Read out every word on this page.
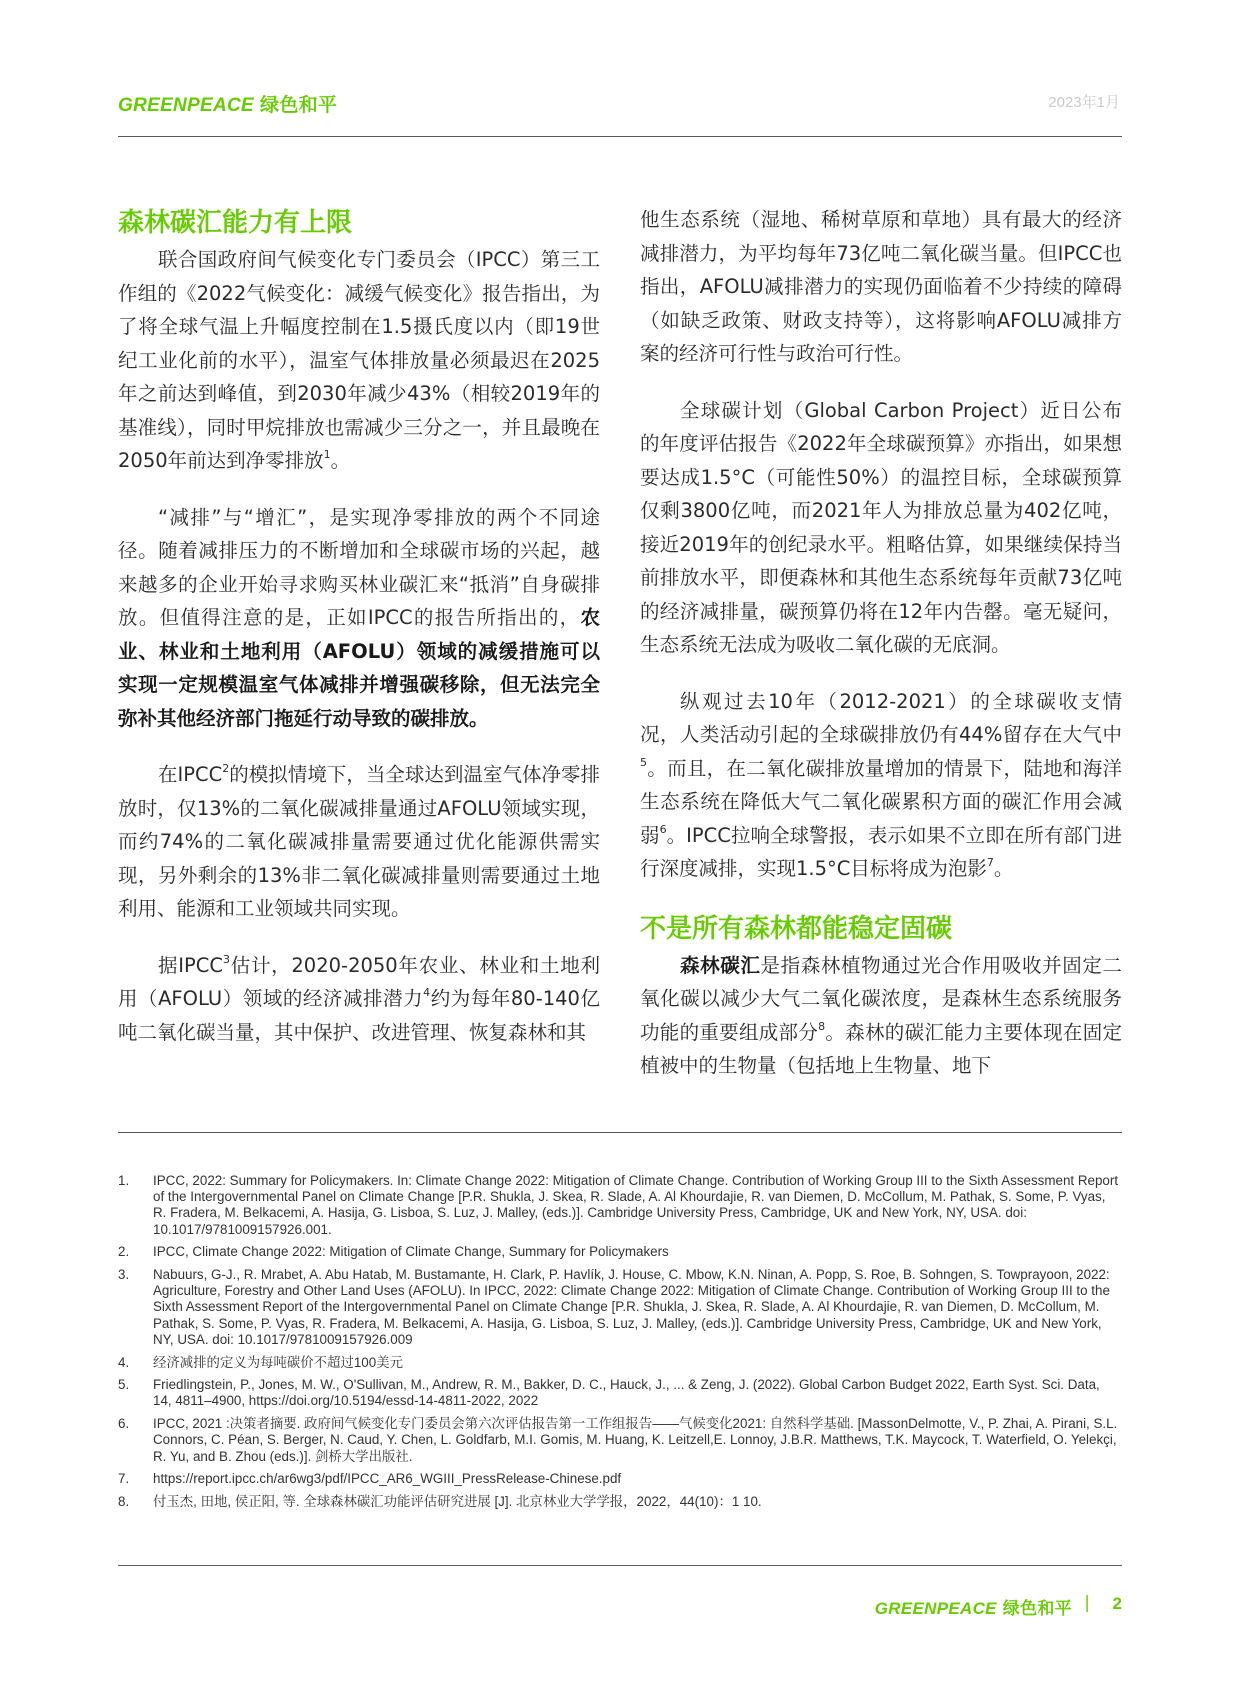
GREENPEACE 绿色和平	2023年1月
森林碳汇能力有上限

联合国政府间气候变化专门委员会（IPCC）第三工作组的《2022气候变化：减缓气候变化》报告指出，为了将全球气温上升幅度控制在1.5摄氏度以内（即19世纪工业化前的水平），温室气体排放量必须最迟在2025年之前达到峰值，到2030年减少43%（相较2019年的基准线），同时甲烷排放也需减少三分之一，并且最晚在2050年前达到净零排放$^1$。

“减排”与“增汇”，是实现净零排放的两个不同途径。随着减排压力的不断增加和全球碳市场的兴起，越来越多的企业开始寻求购买林业碳汇来“抵消”自身碳排放。但值得注意的是，正如IPCC的报告所指出的，农业、林业和土地利用（AFOLU）领域的减缓措施可以实现一定规模温室气体减排并增强碳移除，但无法完全弥补其他经济部门拖延行动导致的碳排放。

在IPCC$^2$的模拟情境下，当全球达到温室气体净零排放时，仅13%的二氧化碳减排量通过AFOLU领域实现，而约74%的二氧化碳减排量需要通过优化能源供需实现，另外剩余的13%非二氧化碳减排量则需要通过土地利用、能源和工业领域共同实现。

据IPCC$^3$估计，2020-2050年农业、林业和土地利用（AFOLU）领域的经济减排潜力$^4$约为每年80-140亿吨二氧化碳当量，其中保护、改进管理、恢复森林和其

他生态系统（湿地、稀树草原和草地）具有最大的经济减排潜力，为平均每年73亿吨二氧化碳当量。但IPCC也指出，AFOLU减排潜力的实现仍面临着不少持续的障碍（如缺乏政策、财政支持等），这将影响AFOLU减排方案的经济可行性与政治可行性。

全球碳计划（Global Carbon Project）近日公布的年度评估报告《2022年全球碳预算》亦指出，如果想要达成1.5°C（可能性50%）的温控目标，全球碳预算仅剩3800亿吨，而2021年人为排放总量为402亿吨，接近2019年的创纪录水平。粗略估算，如果继续保持当前排放水平，即便森林和其他生态系统每年贡献73亿吨的经济减排量，碳预算仍将在12年内告罄。毫无疑问，生态系统无法成为吸收二氧化碳的无底洞。

纵观过去10年（2012-2021）的全球碳收支情况，人类活动引起的全球碳排放仍有44%留存在大气中$^5$。而且，在二氧化碳排放量增加的情景下，陆地和海洋生态系统在降低大气二氧化碳累积方面的碳汇作用会减弱$^6$。IPCC拉响全球警报，表示如果不立即在所有部门进行深度减排，实现1.5°C目标将成为泡影$^7$。

不是所有森林都能稳定固碳

森林碳汇是指森林植物通过光合作用吸收并固定二氧化碳以减少大气二氧化碳浓度，是森林生态系统服务功能的重要组成部分$^8$。森林的碳汇能力主要体现在固定植被中的生物量（包括地上生物量、地下

1. IPCC, 2022: Summary for Policymakers. In: Climate Change 2022: Mitigation of Climate Change. Contribution of Working Group III to the Sixth Assessment Report of the Intergovernmental Panel on Climate Change [P.R. Shukla, J. Skea, R. Slade, A. Al Khourdajie, R. van Diemen, D. McCollum, M. Pathak, S. Some, P. Vyas, R. Fradera, M. Belkacemi, A. Hasija, G. Lisboa, S. Luz, J. Malley, (eds.)]. Cambridge University Press, Cambridge, UK and New York, NY, USA. doi: 10.1017/9781009157926.001.
2. IPCC, Climate Change 2022: Mitigation of Climate Change, Summary for Policymakers
3. Nabuurs, G-J., R. Mrabet, A. Abu Hatab, M. Bustamante, H. Clark, P. Havlík, J. House, C. Mbow, K.N. Ninan, A. Popp, S. Roe, B. Sohngen, S. Towprayoon, 2022: Agriculture, Forestry and Other Land Uses (AFOLU). In IPCC, 2022: Climate Change 2022: Mitigation of Climate Change. Contribution of Working Group III to the Sixth Assessment Report of the Intergovernmental Panel on Climate Change [P.R. Shukla, J. Skea, R. Slade, A. Al Khourdajie, R. van Diemen, D. McCollum, M. Pathak, S. Some, P. Vyas, R. Fradera, M. Belkacemi, A. Hasija, G. Lisboa, S. Luz, J. Malley, (eds.)]. Cambridge University Press, Cambridge, UK and New York, NY, USA. doi: 10.1017/9781009157926.009
4. 经济减排的定义为每吨碳价不超过100美元
5. Friedlingstein, P., Jones, M. W., O'Sullivan, M., Andrew, R. M., Bakker, D. C., Hauck, J., ... & Zeng, J. (2022). Global Carbon Budget 2022, Earth Syst. Sci. Data, 14, 4811–4900, https://doi.org/10.5194/essd-14-4811-2022, 2022
6. IPCC, 2021 :决策者摘要. 政府间气候变化专门委员会第六次评估报告第一工作组报告——气候变化2021: 自然科学基础. [MassonDelmotte, V., P. Zhai, A. Pirani, S.L. Connors, C. Péan, S. Berger, N. Caud, Y. Chen, L. Goldfarb, M.I. Gomis, M. Huang, K. Leitzell,E. Lonnoy, J.B.R. Matthews, T.K. Maycock, T. Waterfield, O. Yelekçi, R. Yu, and B. Zhou (eds.)]. 剑桥大学出版社.
7. https://report.ipcc.ch/ar6wg3/pdf/IPCC_AR6_WGIII_PressRelease-Chinese.pdf
8. 付玉杰, 田地, 侯正阳, 等. 全球森林碳汇功能评估研究进展 [J]. 北京林业大学学报，2022，44(10)：1 10.
GREENPEACE 绿色和平 | 2
